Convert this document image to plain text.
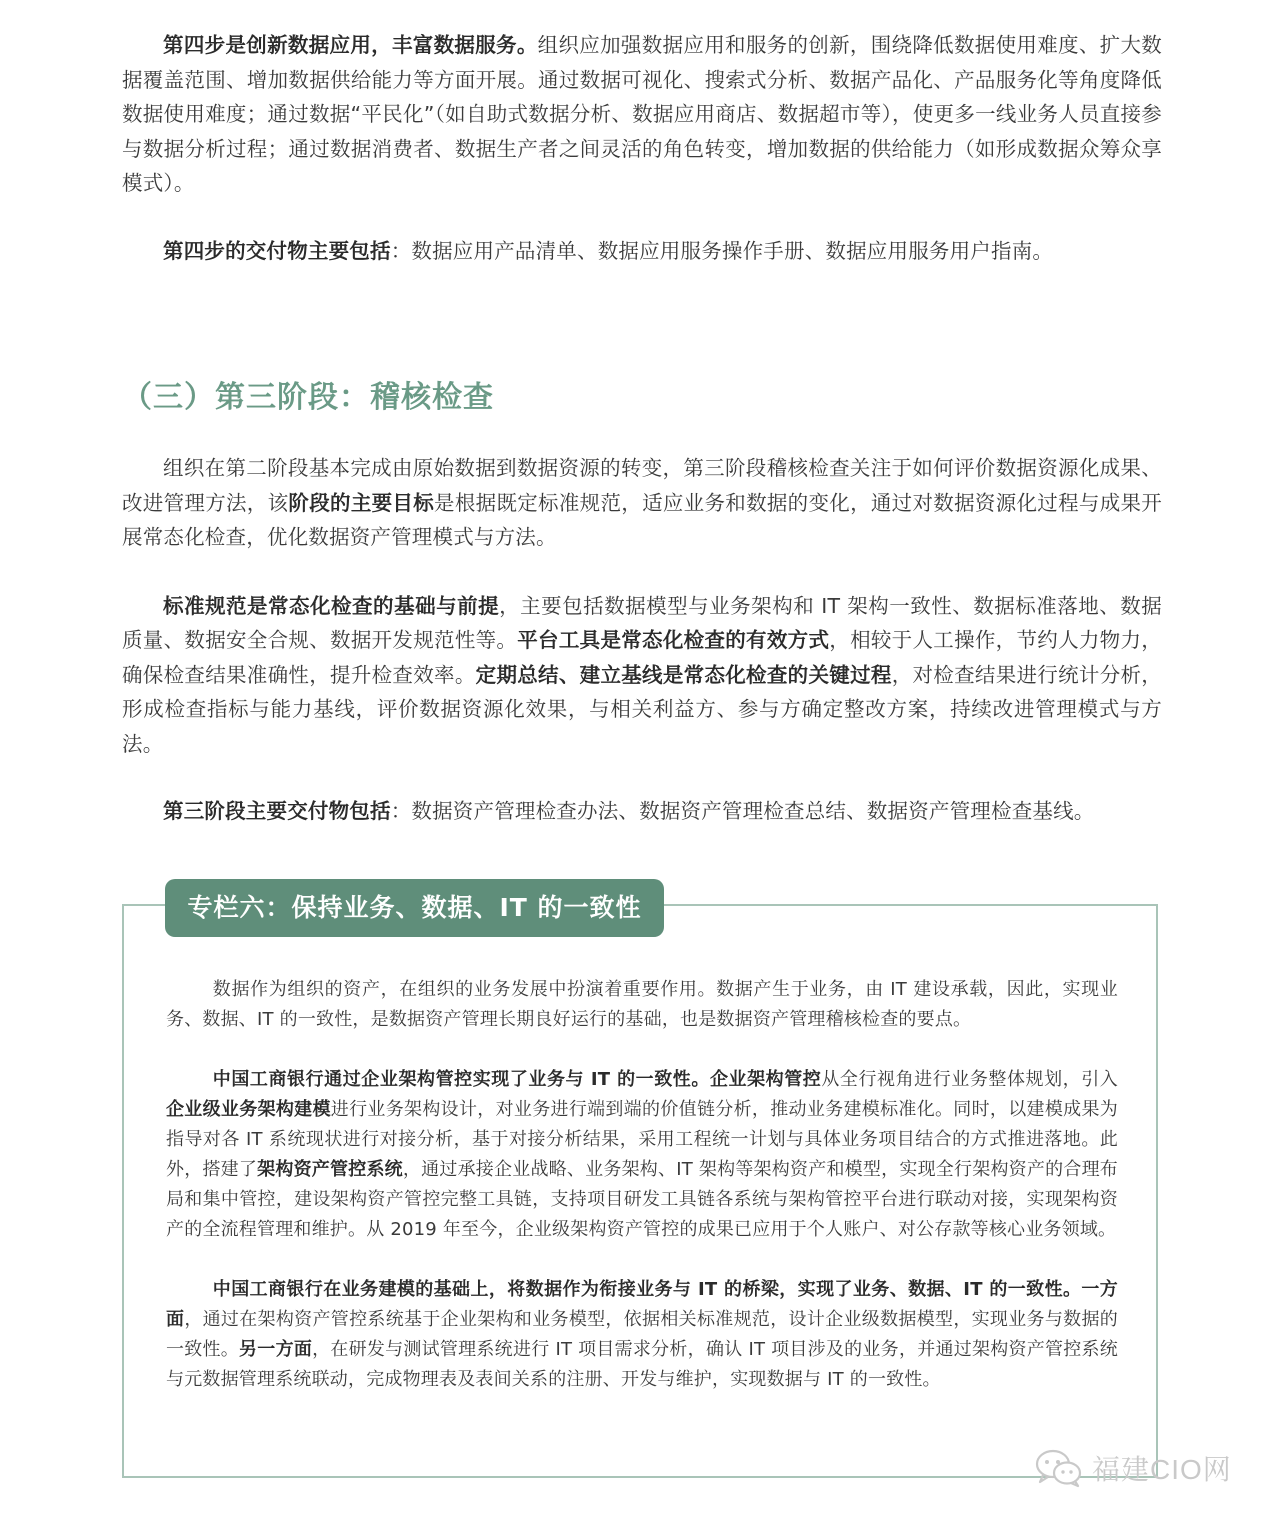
第四步是创新数据应用，丰富数据服务。组织应加强数据应用和服务的创新，围绕降低数据使用难度、扩大数据覆盖范围、增加数据供给能力等方面开展。通过数据可视化、搜索式分析、数据产品化、产品服务化等角度降低数据使用难度；通过数据“平民化”（如自助式数据分析、数据应用商店、数据超市等），使更多一线业务人员直接参与数据分析过程；通过数据消费者、数据生产者之间灵活的角色转变，增加数据的供给能力（如形成数据众筹众享模式）。

第四步的交付物主要包括：数据应用产品清单、数据应用服务操作手册、数据应用服务用户指南。

（三）第三阶段：稽核检查

组织在第二阶段基本完成由原始数据到数据资源的转变，第三阶段稽核检查关注于如何评价数据资源化成果、改进管理方法，该阶段的主要目标是根据既定标准规范，适应业务和数据的变化，通过对数据资源化过程与成果开展常态化检查，优化数据资产管理模式与方法。

标准规范是常态化检查的基础与前提，主要包括数据模型与业务架构和 IT 架构一致性、数据标准落地、数据质量、数据安全合规、数据开发规范性等。平台工具是常态化检查的有效方式，相较于人工操作，节约人力物力，确保检查结果准确性，提升检查效率。定期总结、建立基线是常态化检查的关键过程，对检查结果进行统计分析，形成检查指标与能力基线，评价数据资源化效果，与相关利益方、参与方确定整改方案，持续改进管理模式与方法。

第三阶段主要交付物包括：数据资产管理检查办法、数据资产管理检查总结、数据资产管理检查基线。

专栏六：保持业务、数据、IT 的一致性

数据作为组织的资产，在组织的业务发展中扮演着重要作用。数据产生于业务，由 IT 建设承载，因此，实现业务、数据、IT 的一致性，是数据资产管理长期良好运行的基础，也是数据资产管理稽核检查的要点。

中国工商银行通过企业架构管控实现了业务与 IT 的一致性。企业架构管控从全行视角进行业务整体规划，引入企业级业务架构建模进行业务架构设计，对业务进行端到端的价值链分析，推动业务建模标准化。同时，以建模成果为指导对各 IT 系统现状进行对接分析，基于对接分析结果，采用工程统一计划与具体业务项目结合的方式推进落地。此外，搭建了架构资产管控系统，通过承接企业战略、业务架构、IT 架构等架构资产和模型，实现全行架构资产的合理布局和集中管控，建设架构资产管控完整工具链，支持项目研发工具链各系统与架构管控平台进行联动对接，实现架构资产的全流程管理和维护。从 2019 年至今，企业级架构资产管控的成果已应用于个人账户、对公存款等核心业务领域。

中国工商银行在业务建模的基础上，将数据作为衔接业务与 IT 的桥梁，实现了业务、数据、IT 的一致性。一方面，通过在架构资产管控系统基于企业架构和业务模型，依据相关标准规范，设计企业级数据模型，实现业务与数据的一致性。另一方面，在研发与测试管理系统进行 IT 项目需求分析，确认 IT 项目涉及的业务，并通过架构资产管控系统与元数据管理系统联动，完成物理表及表间关系的注册、开发与维护，实现数据与 IT 的一致性。

福建CIO网
